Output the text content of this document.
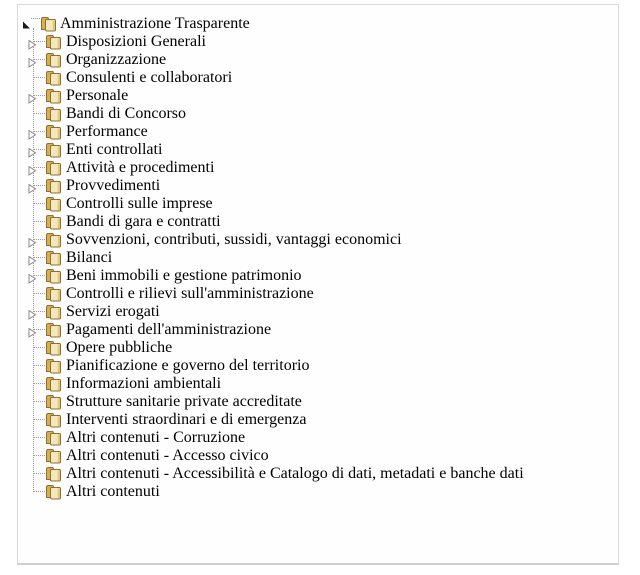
Amministrazione Trasparente
Disposizioni Generali
Organizzazione
Consulenti e collaboratori
Personale
Bandi di Concorso
Performance
Enti controllati
Attività e procedimenti
Provvedimenti
Controlli sulle imprese
Bandi di gara e contratti
Sovvenzioni, contributi, sussidi, vantaggi economici
Bilanci
Beni immobili e gestione patrimonio
Controlli e rilievi sull'amministrazione
Servizi erogati
Pagamenti dell'amministrazione
Opere pubbliche
Pianificazione e governo del territorio
Informazioni ambientali
Strutture sanitarie private accreditate
Interventi straordinari e di emergenza
Altri contenuti - Corruzione
Altri contenuti - Accesso civico
Altri contenuti - Accessibilità e Catalogo di dati, metadati e banche dati
Altri contenuti
